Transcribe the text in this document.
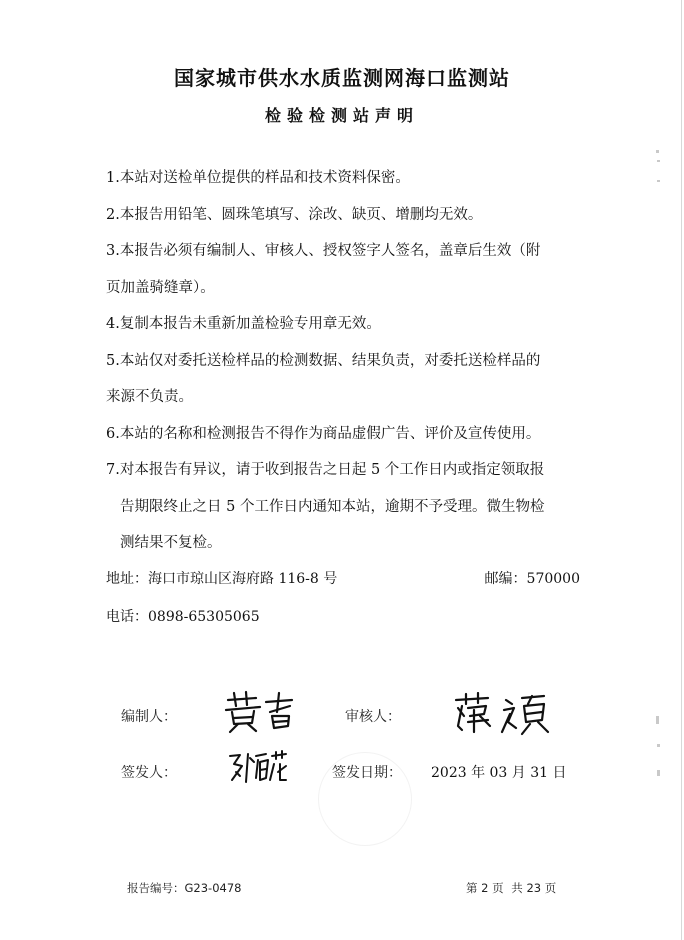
国家城市供水水质监测网海口监测站
检验检测站声明

1.本站对送检单位提供的样品和技术资料保密。

2.本报告用铅笔、圆珠笔填写、涂改、缺页、增删均无效。

3.本报告必须有编制人、审核人、授权签字人签名，盖章后生效（附
页加盖骑缝章）。

4.复制本报告未重新加盖检验专用章无效。

5.本站仅对委托送检样品的检测数据、结果负责，对委托送检样品的
来源不负责。

6.本站的名称和检测报告不得作为商品虚假广告、评价及宣传使用。

7.对本报告有异议，请于收到报告之日起 5 个工作日内或指定领取报
告期限终止之日 5 个工作日内通知本站，逾期不予受理。微生物检
测结果不复检。

地址：海口市琼山区海府路 116-8 号	邮编：570000
电话：0898-65305065
编制人：	审核人：
签发人：	签发日期： 2023 年 03 月 31 日
报告编号：G23-0478	第 2 页 共 23 页
